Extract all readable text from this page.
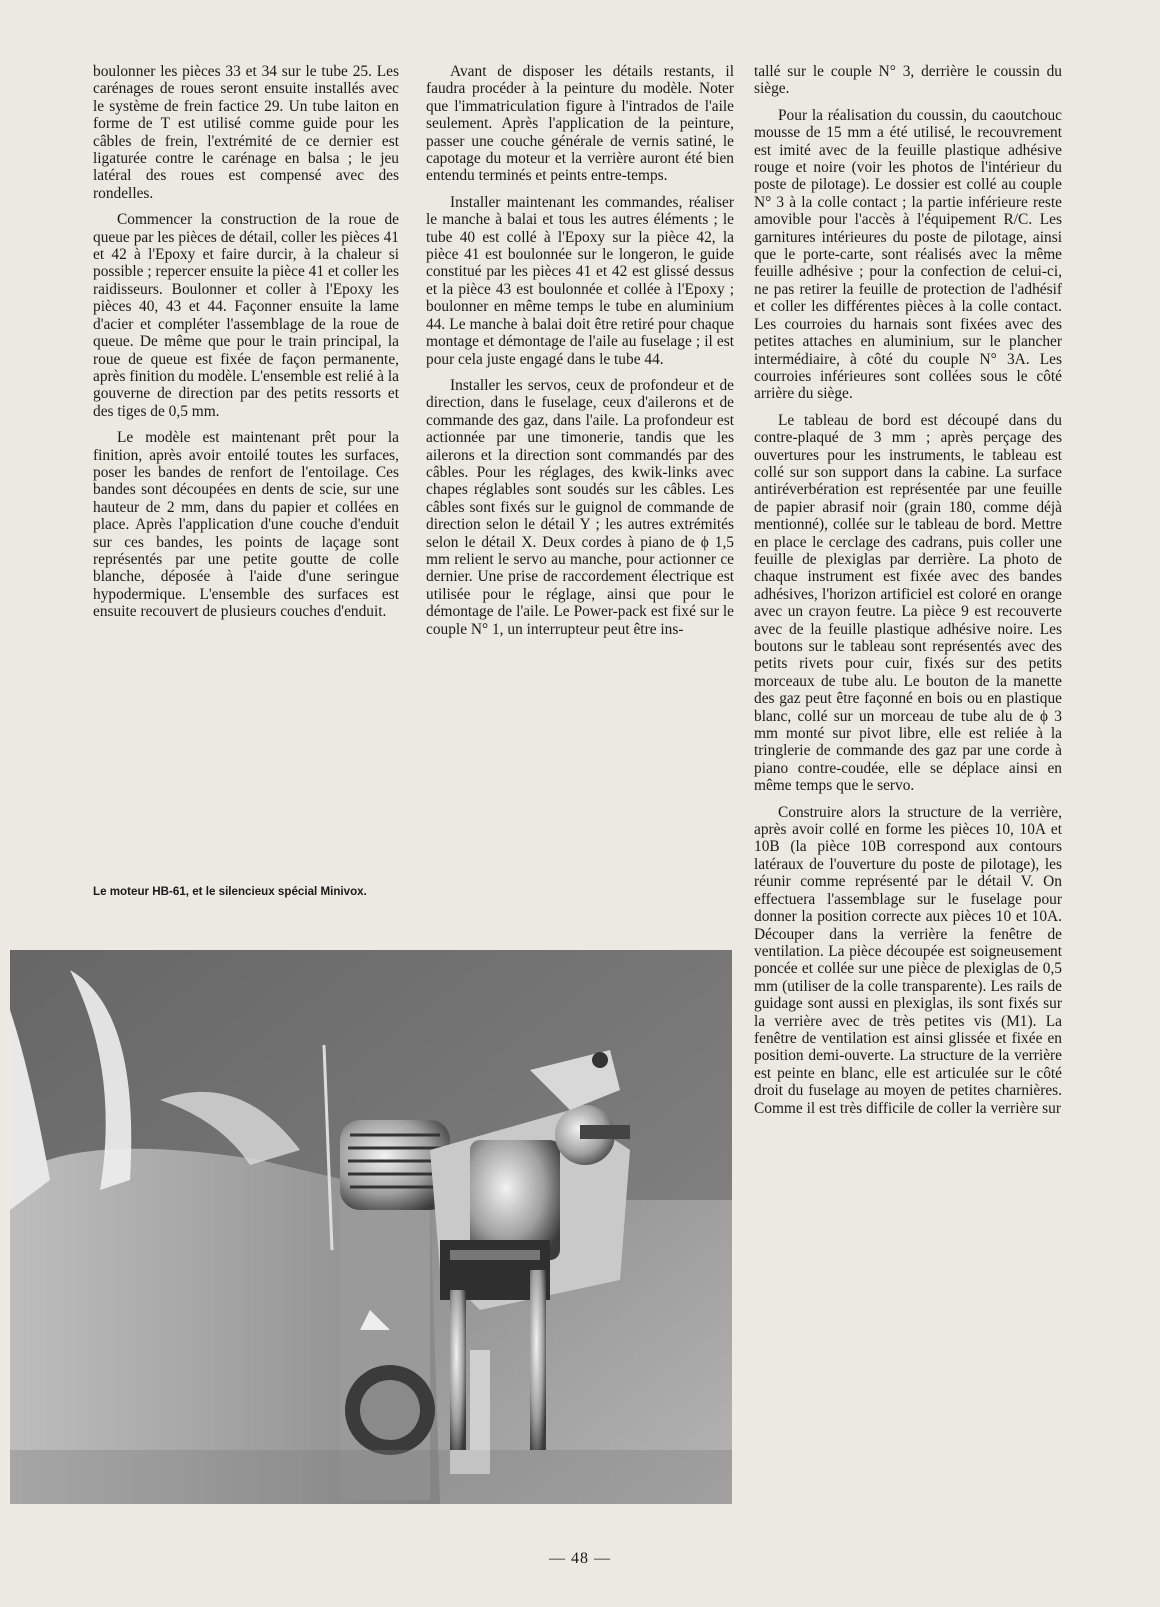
boulonner les pièces 33 et 34 sur le tube 25. Les carénages de roues seront ensuite installés avec le système de frein factice 29. Un tube laiton en forme de T est utilisé comme guide pour les câbles de frein, l'extrémité de ce dernier est ligaturée contre le carénage en balsa ; le jeu latéral des roues est compensé avec des rondelles.

Commencer la construction de la roue de queue par les pièces de détail, coller les pièces 41 et 42 à l'Epoxy et faire durcir, à la chaleur si possible ; repercer ensuite la pièce 41 et coller les raidisseurs. Boulonner et coller à l'Epoxy les pièces 40, 43 et 44. Façonner ensuite la lame d'acier et compléter l'assemblage de la roue de queue. De même que pour le train principal, la roue de queue est fixée de façon permanente, après finition du modèle. L'ensemble est relié à la gouverne de direction par des petits ressorts et des tiges de 0,5 mm.

Le modèle est maintenant prêt pour la finition, après avoir entoilé toutes les surfaces, poser les bandes de renfort de l'entoilage. Ces bandes sont découpées en dents de scie, sur une hauteur de 2 mm, dans du papier et collées en place. Après l'application d'une couche d'enduit sur ces bandes, les points de laçage sont représentés par une petite goutte de colle blanche, déposée à l'aide d'une seringue hypodermique. L'ensemble des surfaces est ensuite recouvert de plusieurs couches d'enduit.

Avant de disposer les détails restants, il faudra procéder à la peinture du modèle. Noter que l'immatriculation figure à l'intrados de l'aile seulement. Après l'application de la peinture, passer une couche générale de vernis satiné, le capotage du moteur et la verrière auront été bien entendu terminés et peints entre-temps.

Installer maintenant les commandes, réaliser le manche à balai et tous les autres éléments ; le tube 40 est collé à l'Epoxy sur la pièce 42, la pièce 41 est boulonnée sur le longeron, le guide constitué par les pièces 41 et 42 est glissé dessus et la pièce 43 est boulonnée et collée à l'Epoxy ; boulonner en même temps le tube en aluminium 44. Le manche à balai doit être retiré pour chaque montage et démontage de l'aile au fuselage ; il est pour cela juste engagé dans le tube 44.

Installer les servos, ceux de profondeur et de direction, dans le fuselage, ceux d'ailerons et de commande des gaz, dans l'aile. La profondeur est actionnée par une timonerie, tandis que les ailerons et la direction sont commandés par des câbles. Pour les réglages, des kwik-links avec chapes réglables sont soudés sur les câbles. Les câbles sont fixés sur le guignol de commande de direction selon le détail Y ; les autres extrémités selon le détail X. Deux cordes à piano de ϕ 1,5 mm relient le servo au manche, pour actionner ce dernier. Une prise de raccordement électrique est utilisée pour le réglage, ainsi que pour le démontage de l'aile. Le Power-pack est fixé sur le couple N° 1, un interrupteur peut être ins-

tallé sur le couple N° 3, derrière le coussin du siège.

Pour la réalisation du coussin, du caoutchouc mousse de 15 mm a été utilisé, le recouvrement est imité avec de la feuille plastique adhésive rouge et noire (voir les photos de l'intérieur du poste de pilotage). Le dossier est collé au couple N° 3 à la colle contact ; la partie inférieure reste amovible pour l'accès à l'équipement R/C. Les garnitures intérieures du poste de pilotage, ainsi que le porte-carte, sont réalisés avec la même feuille adhésive ; pour la confection de celui-ci, ne pas retirer la feuille de protection de l'adhésif et coller les différentes pièces à la colle contact. Les courroies du harnais sont fixées avec des petites attaches en aluminium, sur le plancher intermédiaire, à côté du couple N° 3A. Les courroies inférieures sont collées sous le côté arrière du siège.

Le tableau de bord est découpé dans du contre-plaqué de 3 mm ; après perçage des ouvertures pour les instruments, le tableau est collé sur son support dans la cabine. La surface antiréverbération est représentée par une feuille de papier abrasif noir (grain 180, comme déjà mentionné), collée sur le tableau de bord. Mettre en place le cerclage des cadrans, puis coller une feuille de plexiglas par derrière. La photo de chaque instrument est fixée avec des bandes adhésives, l'horizon artificiel est coloré en orange avec un crayon feutre. La pièce 9 est recouverte avec de la feuille plastique adhésive noire. Les boutons sur le tableau sont représentés avec des petits rivets pour cuir, fixés sur des petits morceaux de tube alu. Le bouton de la manette des gaz peut être façonné en bois ou en plastique blanc, collé sur un morceau de tube alu de ϕ 3 mm monté sur pivot libre, elle est reliée à la tringlerie de commande des gaz par une corde à piano contre-coudée, elle se déplace ainsi en même temps que le servo.

Construire alors la structure de la verrière, après avoir collé en forme les pièces 10, 10A et 10B (la pièce 10B correspond aux contours latéraux de l'ouverture du poste de pilotage), les réunir comme représenté par le détail V. On effectuera l'assemblage sur le fuselage pour donner la position correcte aux pièces 10 et 10A. Découper dans la verrière la fenêtre de ventilation. La pièce découpée est soigneusement poncée et collée sur une pièce de plexiglas de 0,5 mm (utiliser de la colle transparente). Les rails de guidage sont aussi en plexiglas, ils sont fixés sur la verrière avec de très petites vis (M1). La fenêtre de ventilation est ainsi glissée et fixée en position demi-ouverte. La structure de la verrière est peinte en blanc, elle est articulée sur le côté droit du fuselage au moyen de petites charnières. Comme il est très difficile de coller la verrière sur

Le moteur HB-61, et le silencieux spécial Minivox.
— 48 —
